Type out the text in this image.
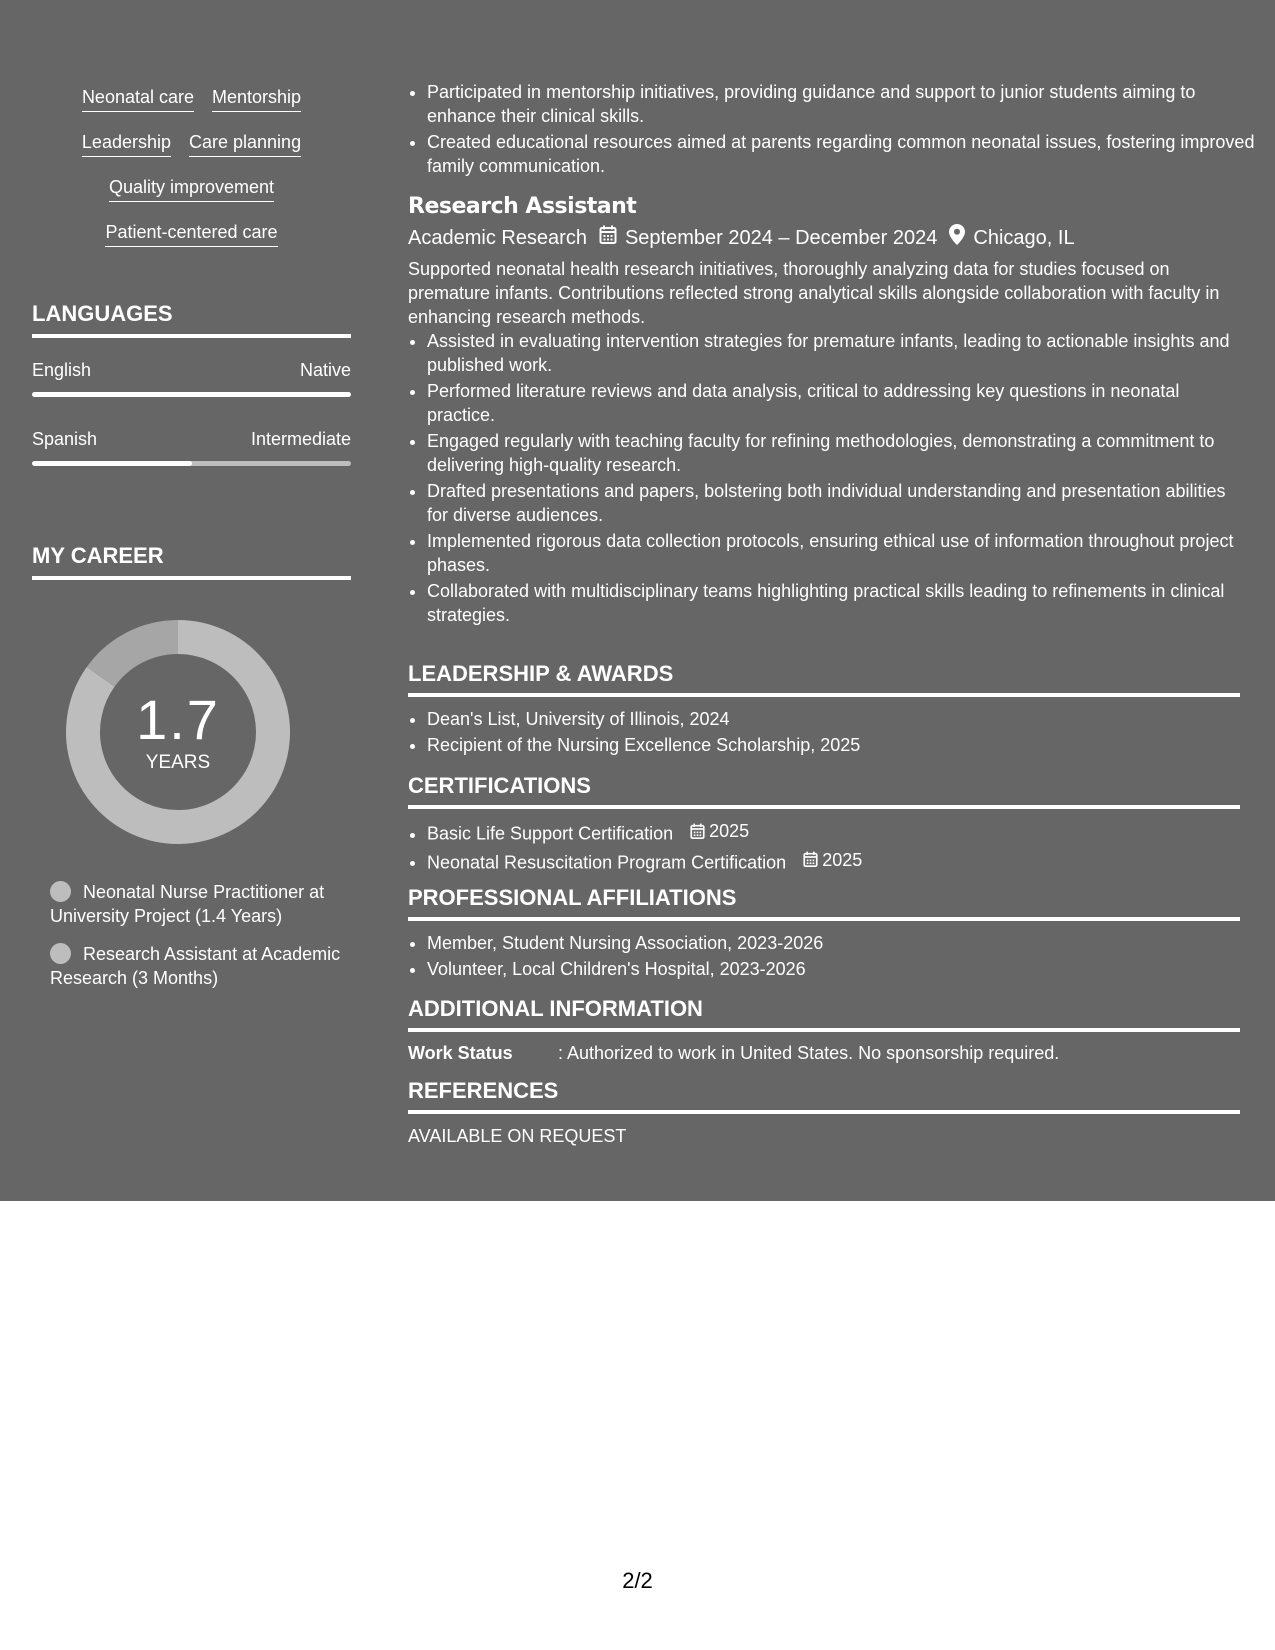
Neonatal care Mentorship
Leadership Care planning
Quality improvement
Patient-centered care
LANGUAGES
English	Native
Spanish	Intermediate
MY CAREER
1.7
YEARS
Neonatal Nurse Practitioner at University Project (1.4 Years)
Research Assistant at Academic Research (3 Months)
• Participated in mentorship initiatives, providing guidance and support to junior students aiming to enhance their clinical skills.
• Created educational resources aimed at parents regarding common neonatal issues, fostering improved family communication.
Research Assistant
Academic Research September 2024 – December 2024 Chicago, IL
Supported neonatal health research initiatives, thoroughly analyzing data for studies focused on premature infants. Contributions reflected strong analytical skills alongside collaboration with faculty in enhancing research methods.
• Assisted in evaluating intervention strategies for premature infants, leading to actionable insights and published work.
• Performed literature reviews and data analysis, critical to addressing key questions in neonatal practice.
• Engaged regularly with teaching faculty for refining methodologies, demonstrating a commitment to delivering high-quality research.
• Drafted presentations and papers, bolstering both individual understanding and presentation abilities for diverse audiences.
• Implemented rigorous data collection protocols, ensuring ethical use of information throughout project phases.
• Collaborated with multidisciplinary teams highlighting practical skills leading to refinements in clinical strategies.
LEADERSHIP & AWARDS
• Dean's List, University of Illinois, 2024
• Recipient of the Nursing Excellence Scholarship, 2025
CERTIFICATIONS
• Basic Life Support Certification 2025
• Neonatal Resuscitation Program Certification 2025
PROFESSIONAL AFFILIATIONS
• Member, Student Nursing Association, 2023-2026
• Volunteer, Local Children's Hospital, 2023-2026
ADDITIONAL INFORMATION
Work Status	: Authorized to work in United States. No sponsorship required.
REFERENCES
AVAILABLE ON REQUEST
2/2
